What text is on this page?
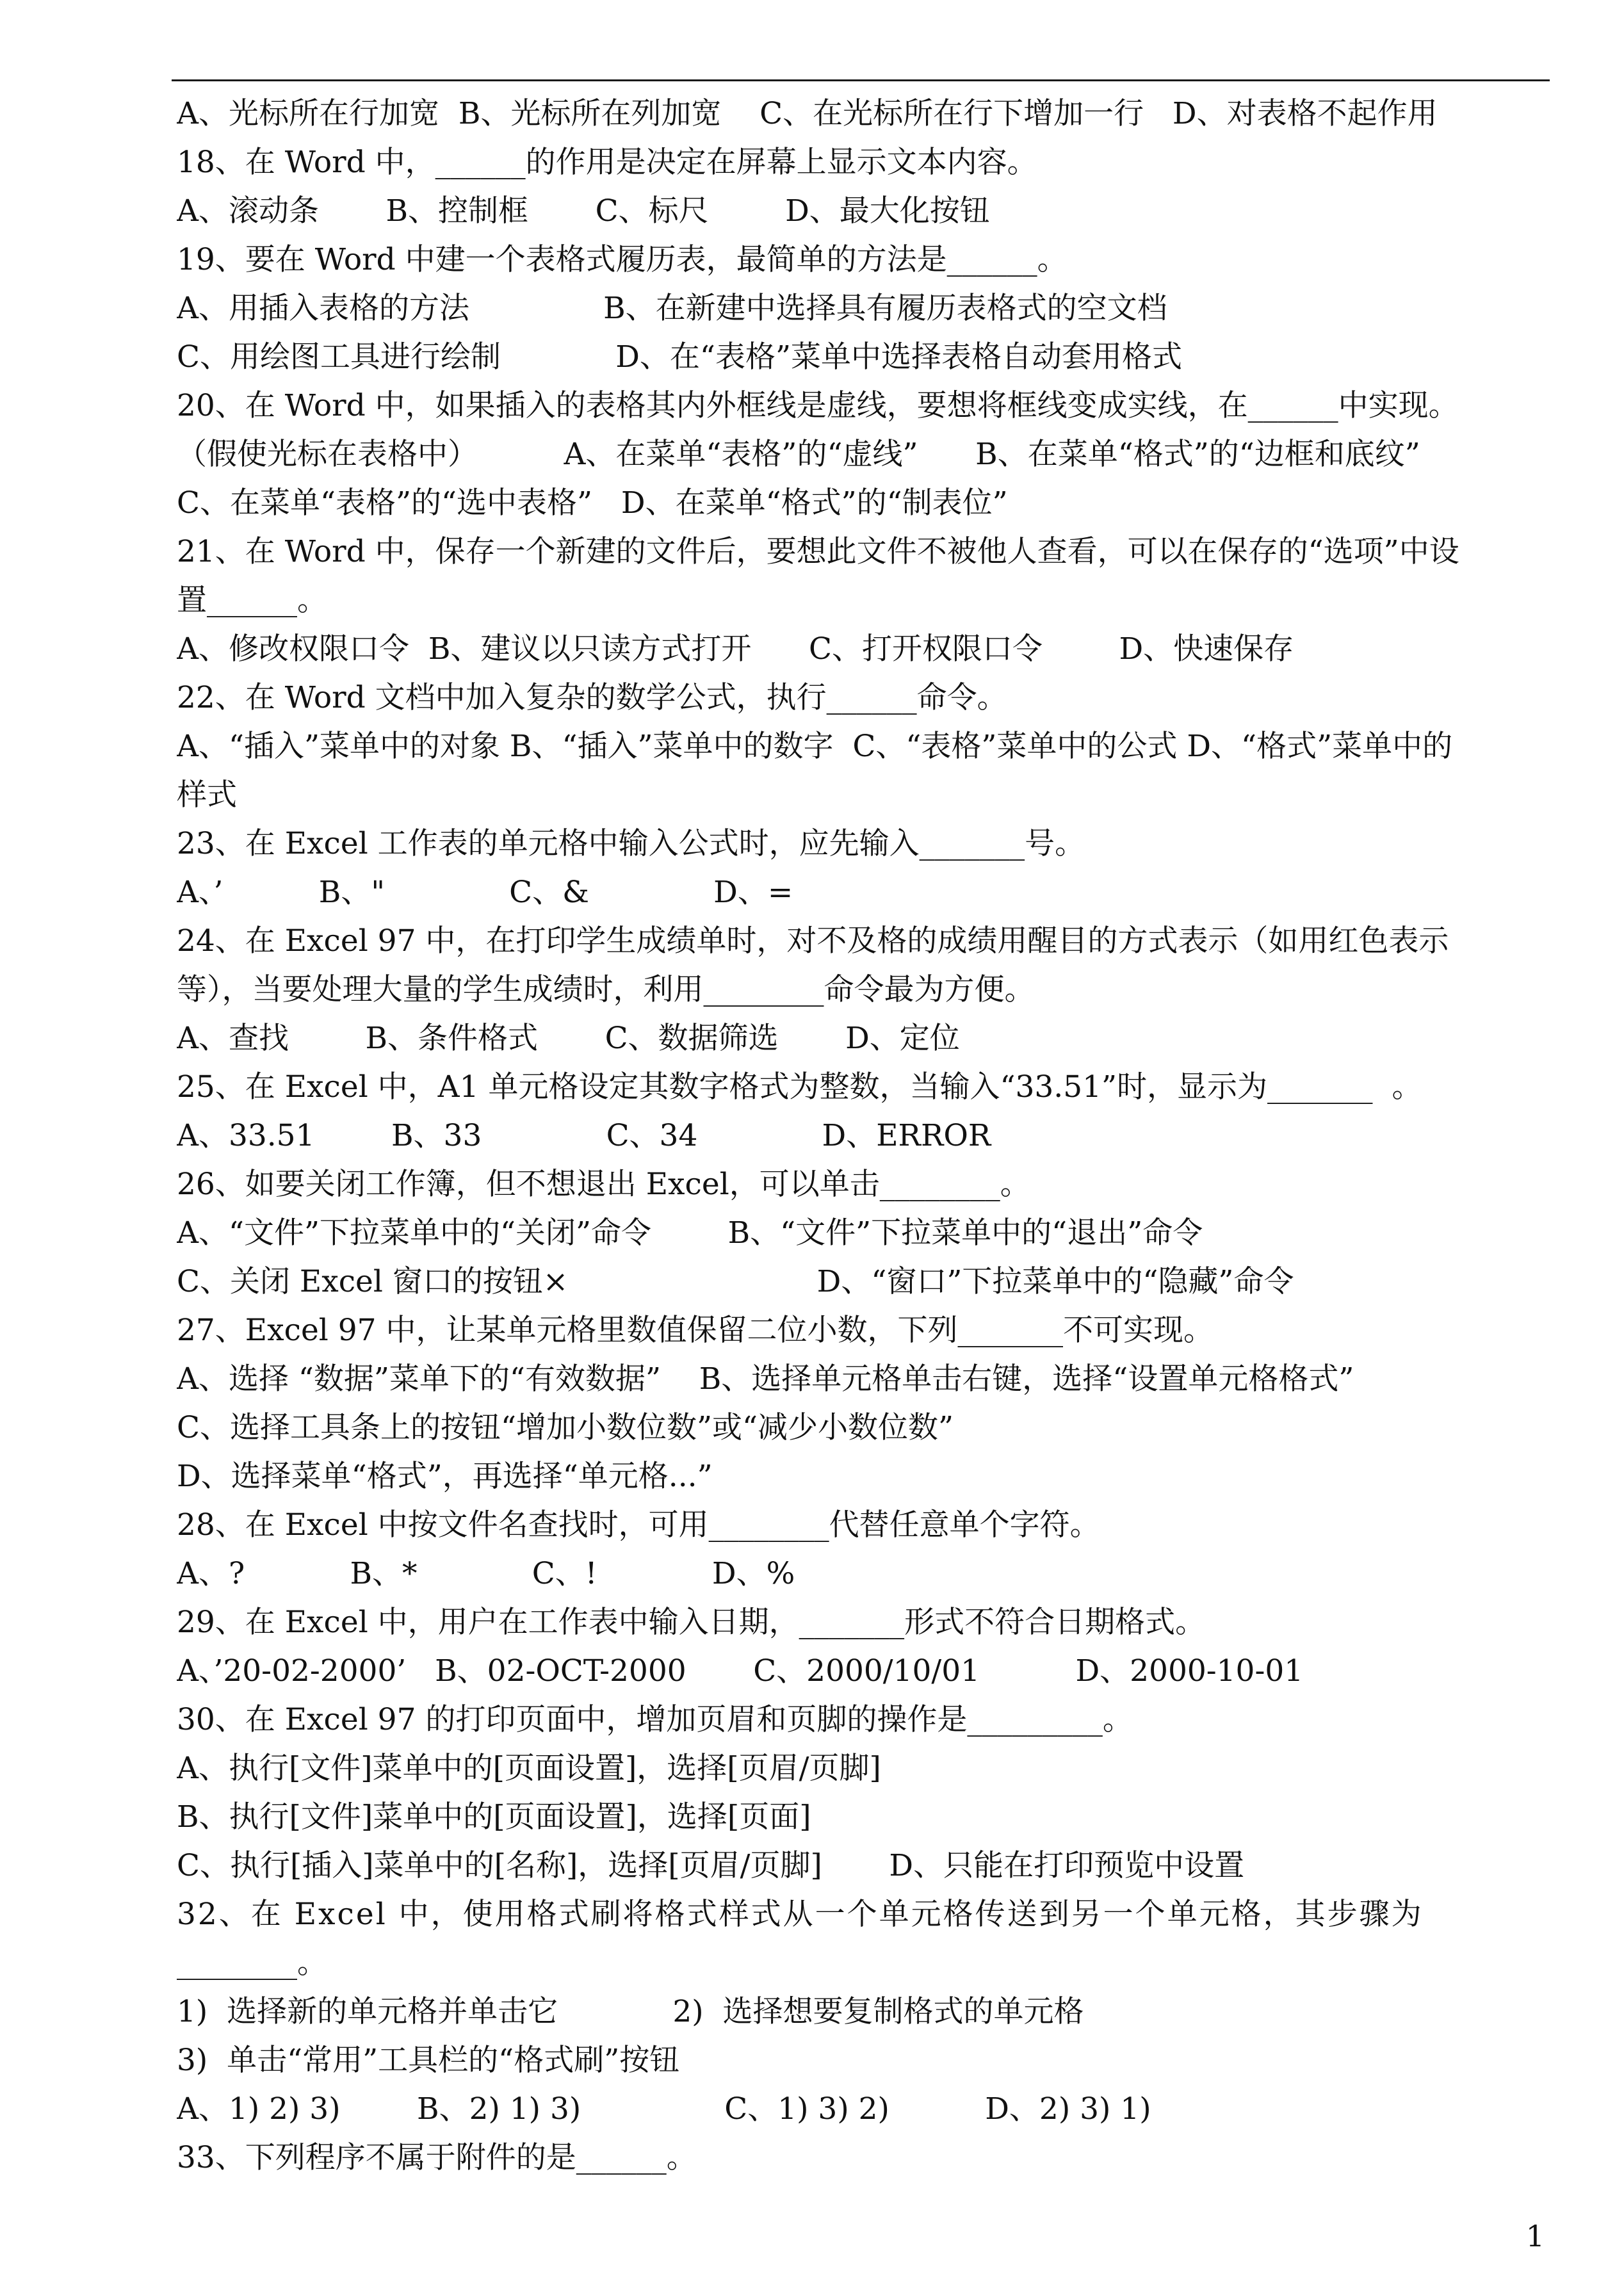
A、光标所在行加宽  B、光标所在列加宽    C、在光标所在行下增加一行   D、对表格不起作用
18、在 Word 中，______的作用是决定在屏幕上显示文本内容。
A、滚动条       B、控制框       C、标尺        D、最大化按钮
19、要在 Word 中建一个表格式履历表，最简单的方法是______。
A、用插入表格的方法              B、在新建中选择具有履历表格式的空文档
C、用绘图工具进行绘制            D、在“表格”菜单中选择表格自动套用格式
20、在 Word 中，如果插入的表格其内外框线是虚线，要想将框线变成实线，在______中实现。
（假使光标在表格中）         A、在菜单“表格”的“虚线”      B、在菜单“格式”的“边框和底纹”
C、在菜单“表格”的“选中表格”   D、在菜单“格式”的“制表位”
21、在 Word 中，保存一个新建的文件后，要想此文件不被他人查看，可以在保存的“选项”中设
置______。
A、修改权限口令  B、建议以只读方式打开      C、打开权限口令        D、快速保存
22、在 Word 文档中加入复杂的数学公式，执行______命令。
A、“插入”菜单中的对象 B、“插入”菜单中的数字  C、“表格”菜单中的公式 D、“格式”菜单中的
样式
23、在 Excel 工作表的单元格中输入公式时，应先输入_______号。
A、’          B、"             C、&             D、=
24、在 Excel 97 中，在打印学生成绩单时，对不及格的成绩用醒目的方式表示（如用红色表示
等），当要处理大量的学生成绩时，利用________命令最为方便。
A、查找        B、条件格式       C、数据筛选       D、定位
25、在 Excel 中，A1 单元格设定其数字格式为整数，当输入“33.51”时，显示为_______  。
A、33.51        B、33             C、34             D、ERROR
26、如要关闭工作簿，但不想退出 Excel，可以单击________。
A、“文件”下拉菜单中的“关闭”命令        B、“文件”下拉菜单中的“退出”命令
C、关闭 Excel 窗口的按钮×                          D、“窗口”下拉菜单中的“隐藏”命令
27、Excel 97 中，让某单元格里数值保留二位小数，下列_______不可实现。
A、选择 “数据”菜单下的“有效数据”    B、选择单元格单击右键，选择“设置单元格格式”
C、选择工具条上的按钮“增加小数位数”或“减少小数位数”
D、选择菜单“格式”，再选择“单元格...”
28、在 Excel 中按文件名查找时，可用________代替任意单个字符。
A、?           B、*            C、!            D、%
29、在 Excel 中，用户在工作表中输入日期，_______形式不符合日期格式。
A、’20-02-2000’   B、02-OCT-2000       C、2000/10/01          D、2000-10-01
30、在 Excel 97 的打印页面中，增加页眉和页脚的操作是_________。
A、执行[文件]菜单中的[页面设置]，选择[页眉/页脚]
B、执行[文件]菜单中的[页面设置]，选择[页面]
C、执行[插入]菜单中的[名称]，选择[页眉/页脚]       D、只能在打印预览中设置
32、在 Excel 中，使用格式刷将格式样式从一个单元格传送到另一个单元格，其步骤为
________。
1)  选择新的单元格并单击它            2)  选择想要复制格式的单元格
3)  单击“常用”工具栏的“格式刷”按钮
A、1) 2) 3)        B、2) 1) 3)               C、1) 3) 2)          D、2) 3) 1)
33、下列程序不属于附件的是______。
1
